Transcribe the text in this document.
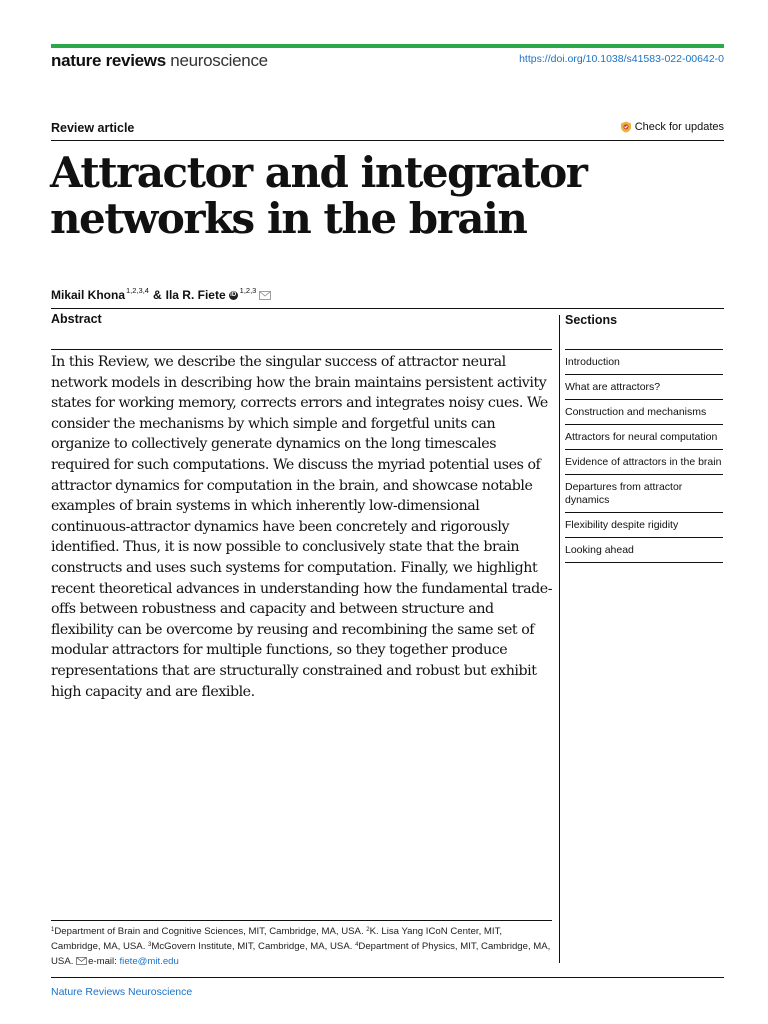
nature reviews neuroscience	https://doi.org/10.1038/s41583-022-00642-0
Review article	Check for updates
Attractor and integrator
networks in the brain
Mikail Khona$^{1,2,3,4}$ & Ila R. Fiete iD $^{1,2,3}$
Abstract

In this Review, we describe the singular success of attractor neural network models in describing how the brain maintains persistent activity states for working memory, corrects errors and integrates noisy cues. We consider the mechanisms by which simple and forgetful units can organize to collectively generate dynamics on the long timescales required for such computations. We discuss the myriad potential uses of attractor dynamics for computation in the brain, and showcase notable examples of brain systems in which inherently low-dimensional continuous-attractor dynamics have been concretely and rigorously identified. Thus, it is now possible to conclusively state that the brain constructs and uses such systems for computation. Finally, we highlight recent theoretical advances in understanding how the fundamental trade-offs between robustness and capacity and between structure and flexibility can be overcome by reusing and recombining the same set of modular attractors for multiple functions, so they together produce representations that are structurally constrained and robust but exhibit high capacity and are flexible.

Sections
Introduction
What are attractors?
Construction and mechanisms
Attractors for neural computation
Evidence of attractors in the brain
Departures from attractor dynamics
Flexibility despite rigidity
Looking ahead

$^1$Department of Brain and Cognitive Sciences, MIT, Cambridge, MA, USA. $^2$K. Lisa Yang ICoN Center, MIT, Cambridge, MA, USA. $^3$McGovern Institute, MIT, Cambridge, MA, USA. $^4$Department of Physics, MIT, Cambridge, MA, USA. e-mail: fiete@mit.edu

Nature Reviews Neuroscience
